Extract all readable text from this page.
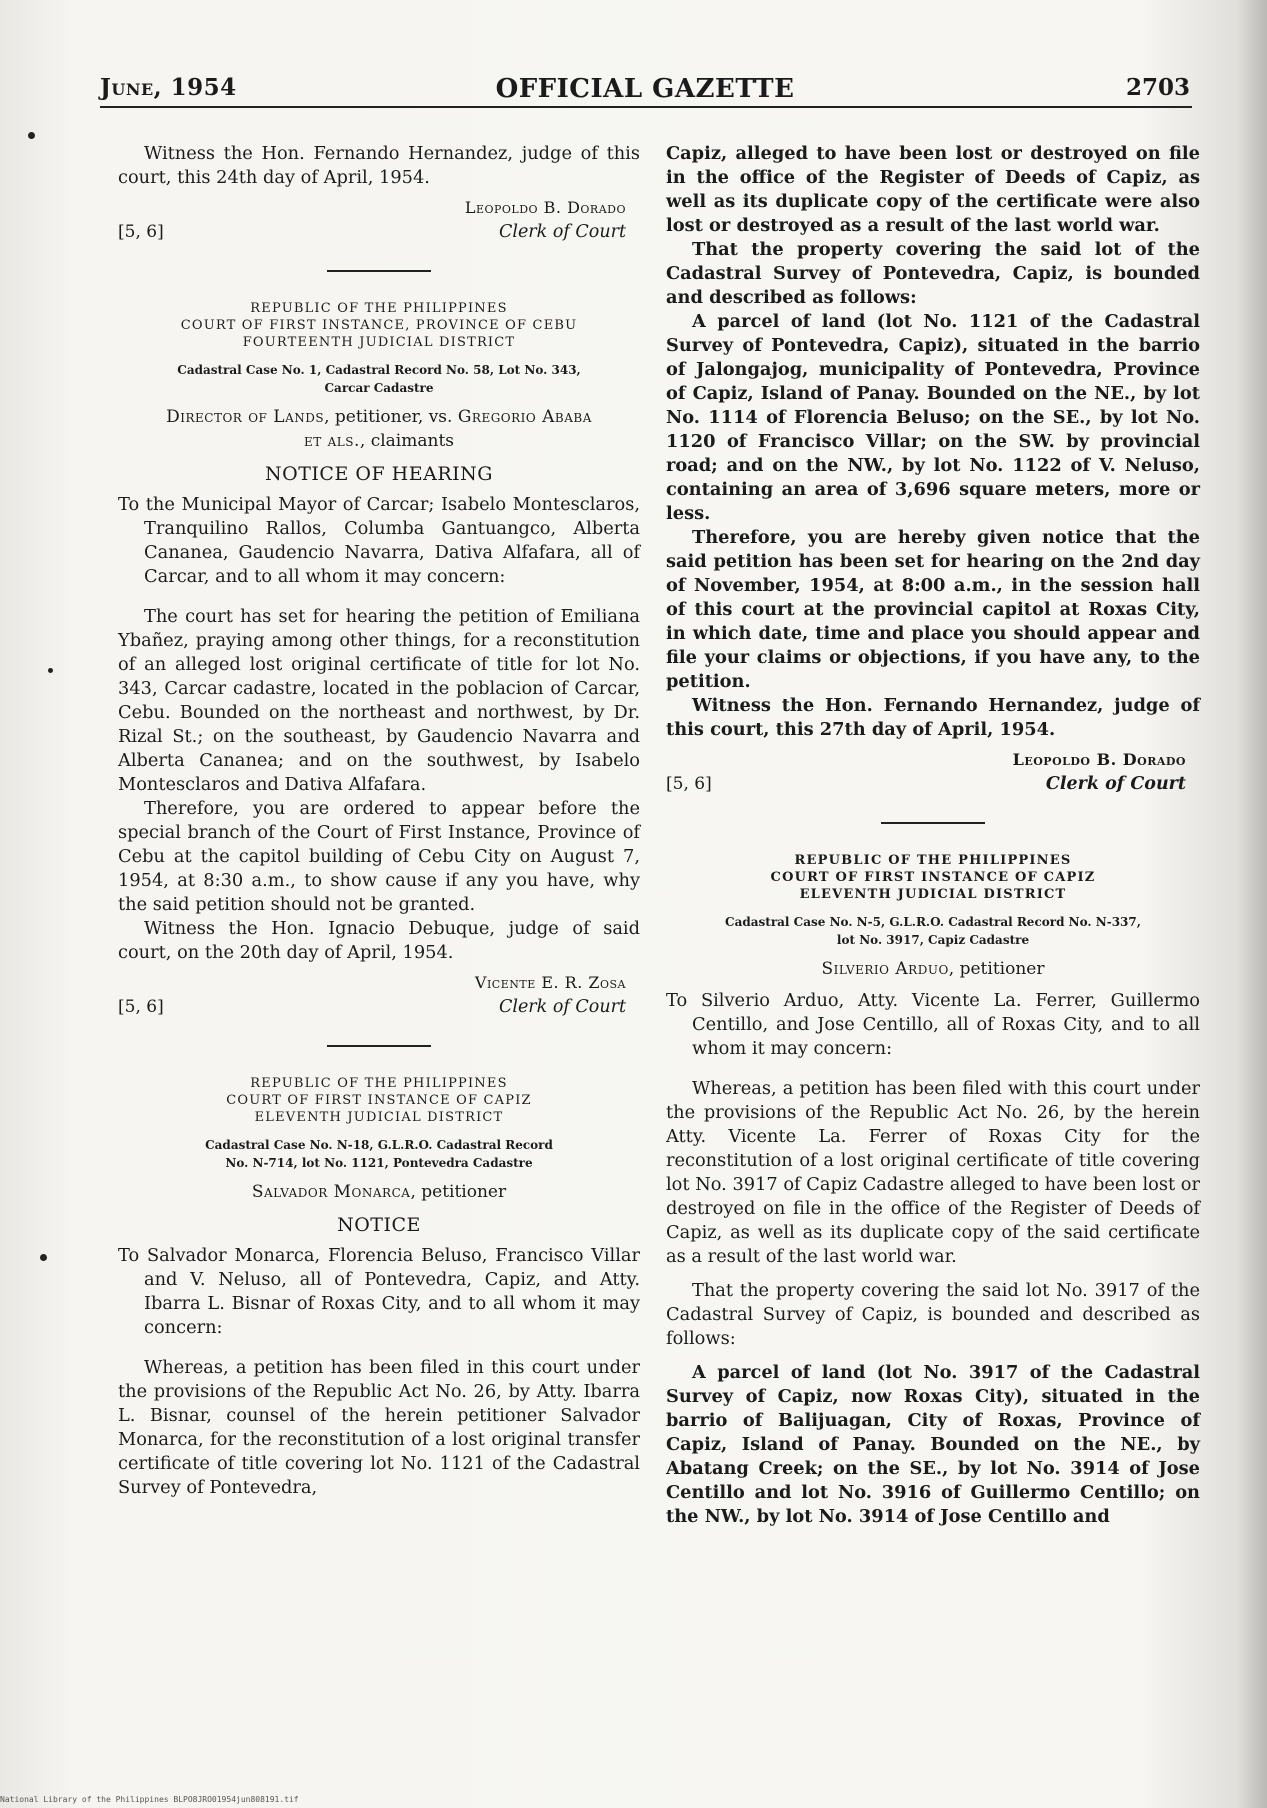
June, 1954	OFFICIAL GAZETTE	2703

Witness the Hon. Fernando Hernandez, judge of this court, this 24th day of April, 1954.

Leopoldo B. Dorado
Clerk of Court
[5, 6]
REPUBLIC OF THE PHILIPPINES
COURT OF FIRST INSTANCE, PROVINCE OF CEBU
FOURTEENTH JUDICIAL DISTRICT
Cadastral Case No. 1, Cadastral Record No. 58, Lot No. 343,
Carcar Cadastre
Director of Lands, petitioner, vs. Gregorio Ababa
et als., claimants
NOTICE OF HEARING

To the Municipal Mayor of Carcar; Isabelo Montesclaros, Tranquilino Rallos, Columba Gantuangco, Alberta Cananea, Gaudencio Navarra, Dativa Alfafara, all of Carcar, and to all whom it may concern:

The court has set for hearing the petition of Emiliana Ybañez, praying among other things, for a reconstitution of an alleged lost original certificate of title for lot No. 343, Carcar cadastre, located in the poblacion of Carcar, Cebu. Bounded on the northeast and northwest, by Dr. Rizal St.; on the southeast, by Gaudencio Navarra and Alberta Cananea; and on the southwest, by Isabelo Montesclaros and Dativa Alfafara.

Therefore, you are ordered to appear before the special branch of the Court of First Instance, Province of Cebu at the capitol building of Cebu City on August 7, 1954, at 8:30 a.m., to show cause if any you have, why the said petition should not be granted.

Witness the Hon. Ignacio Debuque, judge of said court, on the 20th day of April, 1954.

Vicente E. R. Zosa
Clerk of Court
[5, 6]
REPUBLIC OF THE PHILIPPINES
COURT OF FIRST INSTANCE OF CAPIZ
ELEVENTH JUDICIAL DISTRICT
Cadastral Case No. N-18, G.L.R.O. Cadastral Record
No. N-714, lot No. 1121, Pontevedra Cadastre
Salvador Monarca, petitioner
NOTICE

To Salvador Monarca, Florencia Beluso, Francisco Villar and V. Neluso, all of Pontevedra, Capiz, and Atty. Ibarra L. Bisnar of Roxas City, and to all whom it may concern:

Whereas, a petition has been filed in this court under the provisions of the Republic Act No. 26, by Atty. Ibarra L. Bisnar, counsel of the herein petitioner Salvador Monarca, for the reconstitution of a lost original transfer certificate of title covering lot No. 1121 of the Cadastral Survey of Pontevedra,

Capiz, alleged to have been lost or destroyed on file in the office of the Register of Deeds of Capiz, as well as its duplicate copy of the certificate were also lost or destroyed as a result of the last world war.

That the property covering the said lot of the Cadastral Survey of Pontevedra, Capiz, is bounded and described as follows:

A parcel of land (lot No. 1121 of the Cadastral Survey of Pontevedra, Capiz), situated in the barrio of Jalongajog, municipality of Pontevedra, Province of Capiz, Island of Panay. Bounded on the NE., by lot No. 1114 of Florencia Beluso; on the SE., by lot No. 1120 of Francisco Villar; on the SW. by provincial road; and on the NW., by lot No. 1122 of V. Neluso, containing an area of 3,696 square meters, more or less.

Therefore, you are hereby given notice that the said petition has been set for hearing on the 2nd day of November, 1954, at 8:00 a.m., in the session hall of this court at the provincial capitol at Roxas City, in which date, time and place you should appear and file your claims or objections, if you have any, to the petition.

Witness the Hon. Fernando Hernandez, judge of this court, this 27th day of April, 1954.

Leopoldo B. Dorado
Clerk of Court
[5, 6]
REPUBLIC OF THE PHILIPPINES
COURT OF FIRST INSTANCE OF CAPIZ
ELEVENTH JUDICIAL DISTRICT
Cadastral Case No. N-5, G.L.R.O. Cadastral Record No. N-337,
lot No. 3917, Capiz Cadastre
Silverio Arduo, petitioner

To Silverio Arduo, Atty. Vicente La. Ferrer, Guillermo Centillo, and Jose Centillo, all of Roxas City, and to all whom it may concern:

Whereas, a petition has been filed with this court under the provisions of the Republic Act No. 26, by the herein Atty. Vicente La. Ferrer of Roxas City for the reconstitution of a lost original certificate of title covering lot No. 3917 of Capiz Cadastre alleged to have been lost or destroyed on file in the office of the Register of Deeds of Capiz, as well as its duplicate copy of the said certificate as a result of the last world war.

That the property covering the said lot No. 3917 of the Cadastral Survey of Capiz, is bounded and described as follows:

A parcel of land (lot No. 3917 of the Cadastral Survey of Capiz, now Roxas City), situated in the barrio of Balijuagan, City of Roxas, Province of Capiz, Island of Panay. Bounded on the NE., by Abatang Creek; on the SE., by lot No. 3914 of Jose Centillo and lot No. 3916 of Guillermo Centillo; on the NW., by lot No. 3914 of Jose Centillo and

National Library of the Philippines BLPO8JRO01954jun808191.tif
